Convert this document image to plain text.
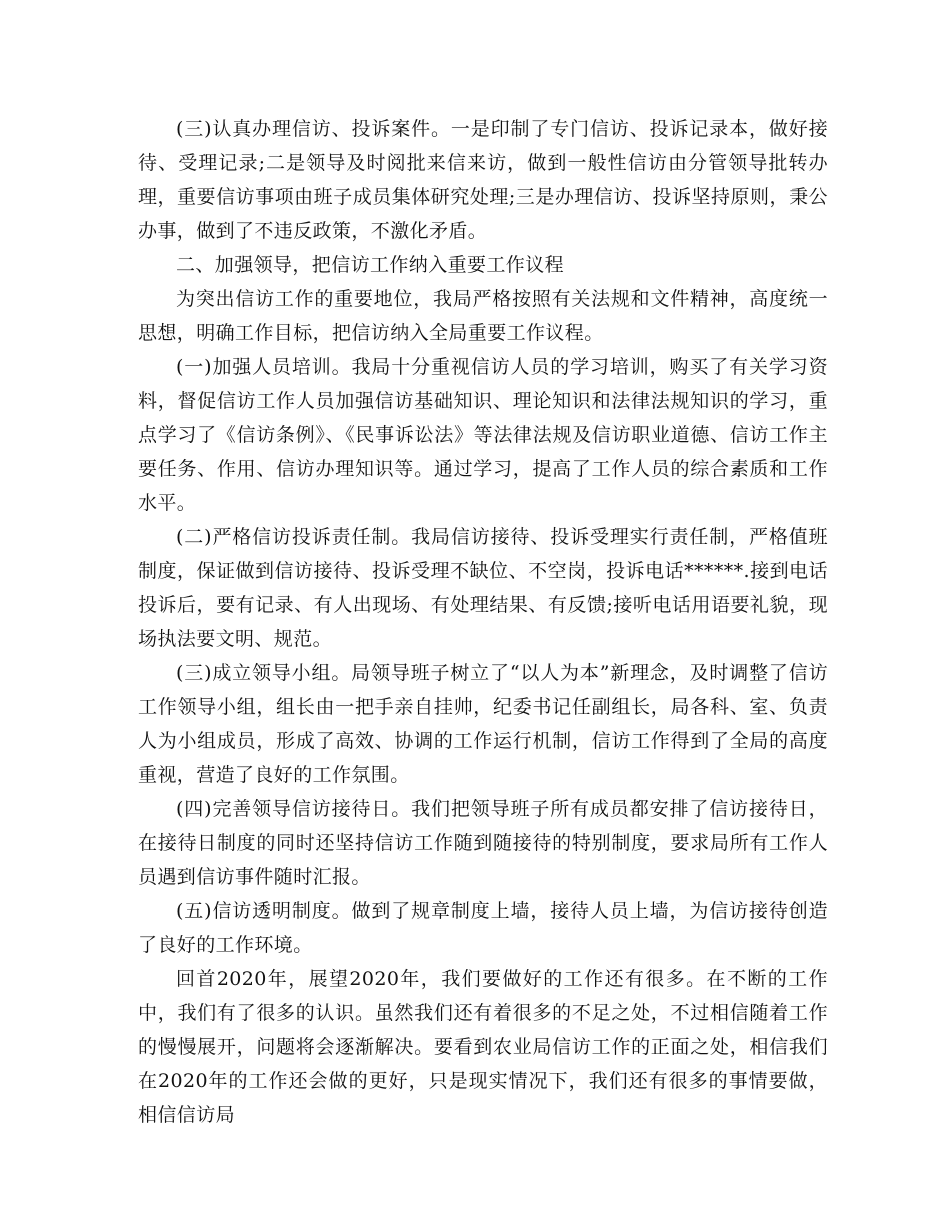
(三)认真办理信访、投诉案件。一是印制了专门信访、投诉记录本，做好接待、受理记录;二是领导及时阅批来信来访，做到一般性信访由分管领导批转办理，重要信访事项由班子成员集体研究处理;三是办理信访、投诉坚持原则，秉公办事，做到了不违反政策，不激化矛盾。

二、加强领导，把信访工作纳入重要工作议程

为突出信访工作的重要地位，我局严格按照有关法规和文件精神，高度统一思想，明确工作目标，把信访纳入全局重要工作议程。

(一)加强人员培训。我局十分重视信访人员的学习培训，购买了有关学习资料，督促信访工作人员加强信访基础知识、理论知识和法律法规知识的学习，重点学习了《信访条例》、《民事诉讼法》等法律法规及信访职业道德、信访工作主要任务、作用、信访办理知识等。通过学习，提高了工作人员的综合素质和工作水平。

(二)严格信访投诉责任制。我局信访接待、投诉受理实行责任制，严格值班制度，保证做到信访接待、投诉受理不缺位、不空岗，投诉电话******.接到电话投诉后，要有记录、有人出现场、有处理结果、有反馈;接听电话用语要礼貌，现场执法要文明、规范。

(三)成立领导小组。局领导班子树立了“以人为本”新理念，及时调整了信访工作领导小组，组长由一把手亲自挂帅，纪委书记任副组长，局各科、室、负责人为小组成员，形成了高效、协调的工作运行机制，信访工作得到了全局的高度重视，营造了良好的工作氛围。

(四)完善领导信访接待日。我们把领导班子所有成员都安排了信访接待日，在接待日制度的同时还坚持信访工作随到随接待的特别制度，要求局所有工作人员遇到信访事件随时汇报。

(五)信访透明制度。做到了规章制度上墙，接待人员上墙，为信访接待创造了良好的工作环境。

回首2020年，展望2020年，我们要做好的工作还有很多。在不断的工作中，我们有了很多的认识。虽然我们还有着很多的不足之处，不过相信随着工作的慢慢展开，问题将会逐渐解决。要看到农业局信访工作的正面之处，相信我们在2020年的工作还会做的更好，只是现实情况下，我们还有很多的事情要做，相信信访局
